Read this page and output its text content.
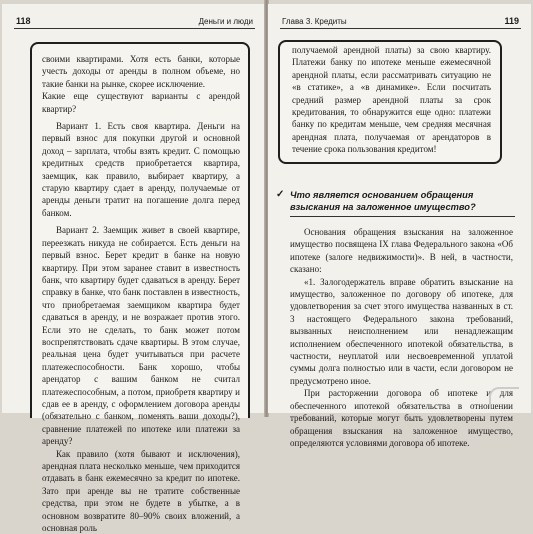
118	Деньги и люди

своими квартирами. Хотя есть банки, которые учесть доходы от аренды в полном объеме, но такие банки на рынке, скорее исключение.

Какие еще существуют варианты с арендой квартир?

Вариант 1. Есть своя квартира. Деньги на первый взнос для покупки другой и основной доход – зарплата, чтобы взять кредит. С помощью кредитных средств приобретается квартира, заемщик, как правило, выбирает квартиру, а старую квартиру сдает в аренду, получаемые от аренды деньги тратит на погашение долга перед банком.

Вариант 2. Заемщик живет в своей квартире, переезжать никуда не собирается. Есть деньги на первый взнос. Берет кредит в банке на новую квартиру. При этом заранее ставит в известность банк, что квартиру будет сдаваться в аренду. Берет справку в банке, что банк поставлен в известность, что приобретаемая заемщиком квартира будет сдаваться в аренду, и не возражает против этого. Если это не сделать, то банк может потом воспрепятствовать сдаче квартиры. В этом случае, реальная цена будет учитываться при расчете платежеспособности. Банк хорошо, чтобы арендатор с вашим банком не считал платежеспособным, а потом, приобретя квартиру и сдав ее в аренду, с оформлением договора аренды (обязательно с банком, поменять ваши доходы?), сравнение платежей по ипотеке или платежи за аренду?

Как правило (хотя бывают и исключения), арендная плата несколько меньше, чем приходится отдавать в банк ежемесячно за кредит по ипотеке. Зато при аренде вы не тратите собственные средства, при этом не будете в убытке, а в основном возвратите 80–90% своих вложений, а основная роль

Глава 3. Кредиты	119

получаемой арендной платы) за свою квартиру. Платежи банку по ипотеке меньше ежемесячной арендной платы, если рассматривать ситуацию не «в статике», а «в динамике». Если посчитать средний размер арендной платы за срок кредитования, то обнаружится еще одно: платежи банку по кредитам меньше, чем средняя месячная арендная плата, получаемая от арендаторов в течение срока пользования кредитом!

✓ Что является основанием обращения взыскания на заложенное имущество?

Основания обращения взыскания на заложенное имущество посвящена IX глава Федерального закона «Об ипотеке (залоге недвижимости)». В ней, в частности, сказано:

«1. Залогодержатель вправе обратить взыскание на имущество, заложенное по договору об ипотеке, для удовлетворения за счет этого имущества названных в ст. 3 настоящего Федерального закона требований, вызванных неисполнением или ненадлежащим исполнением обеспеченного ипотекой обязательства, в частности, неуплатой или несвоевременной уплатой суммы долга полностью или в части, если договором не предусмотрено иное.

При расторжении договора об ипотеке и для обеспеченного ипотекой обязательства в отношении требований, которые могут быть удовлетворены путем обращения взыскания на заложенное имущество, определяются условиями договора об ипотеке.
